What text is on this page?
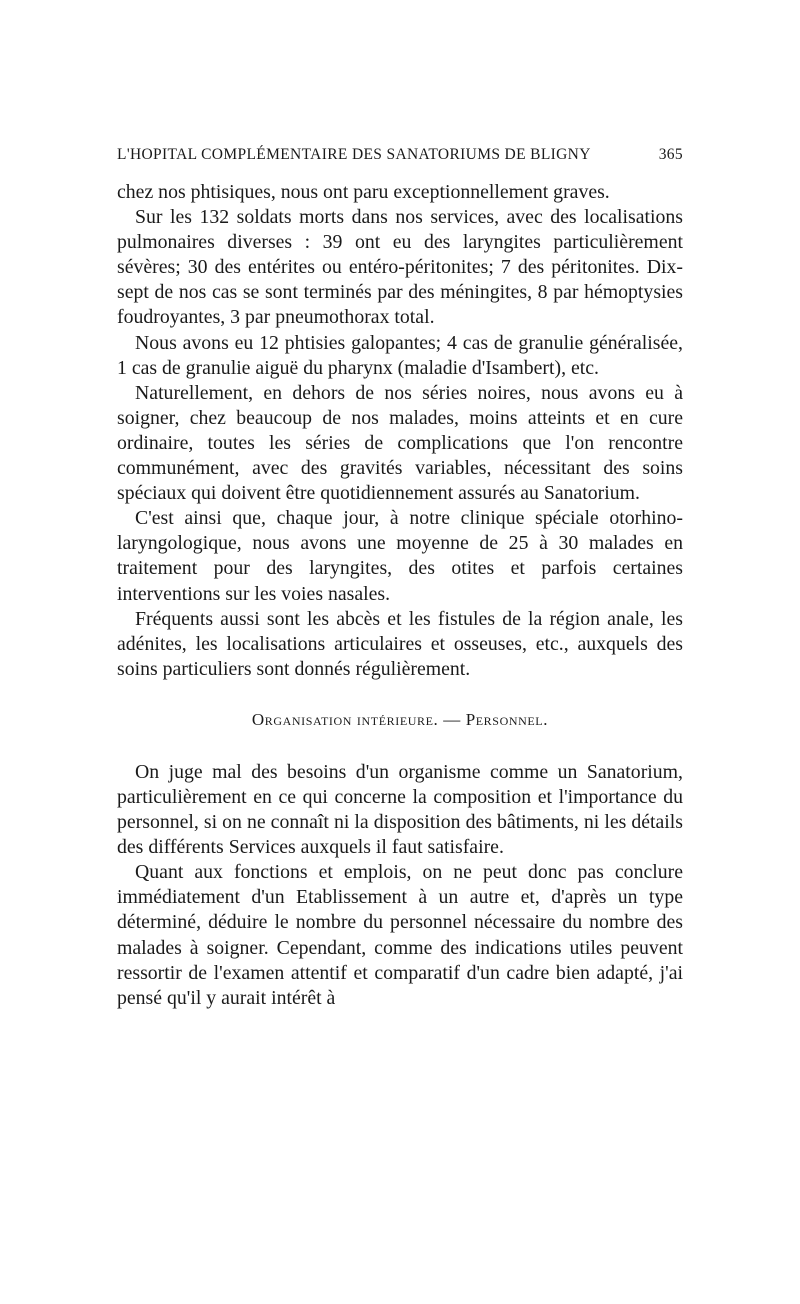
L'HOPITAL COMPLÉMENTAIRE DES SANATORIUMS DE BLIGNY	365

chez nos phtisiques, nous ont paru exceptionnellement graves.

Sur les 132 soldats morts dans nos services, avec des localisations pulmonaires diverses : 39 ont eu des laryngites particulièrement sévères; 30 des entérites ou entéro-péritonites; 7 des péritonites. Dix-sept de nos cas se sont terminés par des méningites, 8 par hémoptysies foudroyantes, 3 par pneumothorax total.

Nous avons eu 12 phtisies galopantes; 4 cas de granulie généralisée, 1 cas de granulie aiguë du pharynx (maladie d'Isambert), etc.

Naturellement, en dehors de nos séries noires, nous avons eu à soigner, chez beaucoup de nos malades, moins atteints et en cure ordinaire, toutes les séries de complications que l'on rencontre communément, avec des gravités variables, nécessitant des soins spéciaux qui doivent être quotidiennement assurés au Sanatorium.

C'est ainsi que, chaque jour, à notre clinique spéciale otorhino-laryngologique, nous avons une moyenne de 25 à 30 malades en traitement pour des laryngites, des otites et parfois certaines interventions sur les voies nasales.

Fréquents aussi sont les abcès et les fistules de la région anale, les adénites, les localisations articulaires et osseuses, etc., auxquels des soins particuliers sont donnés régulièrement.

Organisation intérieure. — Personnel.

On juge mal des besoins d'un organisme comme un Sanatorium, particulièrement en ce qui concerne la composition et l'importance du personnel, si on ne connaît ni la disposition des bâtiments, ni les détails des différents Services auxquels il faut satisfaire.

Quant aux fonctions et emplois, on ne peut donc pas conclure immédiatement d'un Etablissement à un autre et, d'après un type déterminé, déduire le nombre du personnel nécessaire du nombre des malades à soigner. Cependant, comme des indications utiles peuvent ressortir de l'examen attentif et comparatif d'un cadre bien adapté, j'ai pensé qu'il y aurait intérêt à
